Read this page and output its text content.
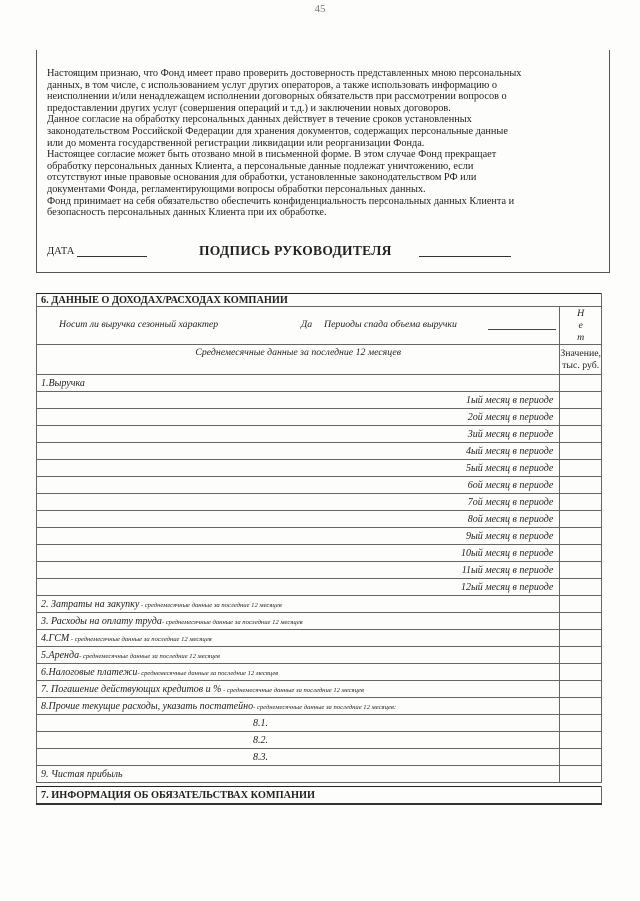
45

Настоящим признаю, что Фонд имеет право проверить достоверность представленных мною персональных
данных, в том числе, с использованием услуг других операторов, а также использовать информацию о
неисполнении и/или ненадлежащем исполнении договорных обязательств при рассмотрении вопросов о
предоставлении других услуг (совершения операций и т.д.) и заключении новых договоров.
Данное согласие на обработку персональных данных действует в течение сроков установленных
законодательством Российской Федерации для хранения документов, содержащих персональные данные
или до момента государственной регистрации ликвидации или реорганизации Фонда.
Настоящее согласие может быть отозвано мной в письменной форме. В этом случае Фонд прекращает
обработку персональных данных Клиента, а персональные данные подлежат уничтожению, если
отсутствуют иные правовые основания для обработки, установленные законодательством РФ или
документами Фонда, регламентирующими вопросы обработки персональных данных.
Фонд принимает на себя обязательство обеспечить конфиденциальность персональных данных Клиента и
безопасность персональных данных Клиента при их обработке.

ДАТА	ПОДПИСЬ РУКОВОДИТЕЛЯ
6. ДАННЫЕ О ДОХОДАХ/РАСХОДАХ КОМПАНИИ	

Носит ли выручка сезонный характер Да Периоды спада объема выручки	Н
е
т
Среднемесячные данные за последние 12 месяцев	Значение,
тыс. руб.
1.Выручка	
1ый месяц в периоде	
2ой месяц в периоде	
3ий месяц в периоде	
4ый месяц в периоде	
5ый месяц в периоде	
6ой месяц в периоде	
7ой месяц в периоде	
8ой месяц в периоде	
9ый месяц в периоде	
10ый месяц в периоде	
11ый месяц в периоде	
12ый месяц в периоде	
2. Затраты на закупку - среднемесячные данные за последние 12 месяцев	
3. Расходы на оплату труда- среднемесячные данные за последние 12 месяцев	
4.ГСМ - среднемесячные данные за последние 12 месяцев	
5.Аренда- среднемесячные данные за последние 12 месяцев	
6.Налоговые платежи- среднемесячные данные за последние 12 месяцев	
7. Погашение действующих кредитов и % - среднемесячные данные за последние 12 месяцев	
8.Прочие текущие расходы, указать постатейно- среднемесячные данные за последние 12 месяцев:	
8.1.	
8.2.	
8.3.	
9. Чистая прибыль	
7. ИНФОРМАЦИЯ ОБ ОБЯЗАТЕЛЬСТВАХ КОМПАНИИ
